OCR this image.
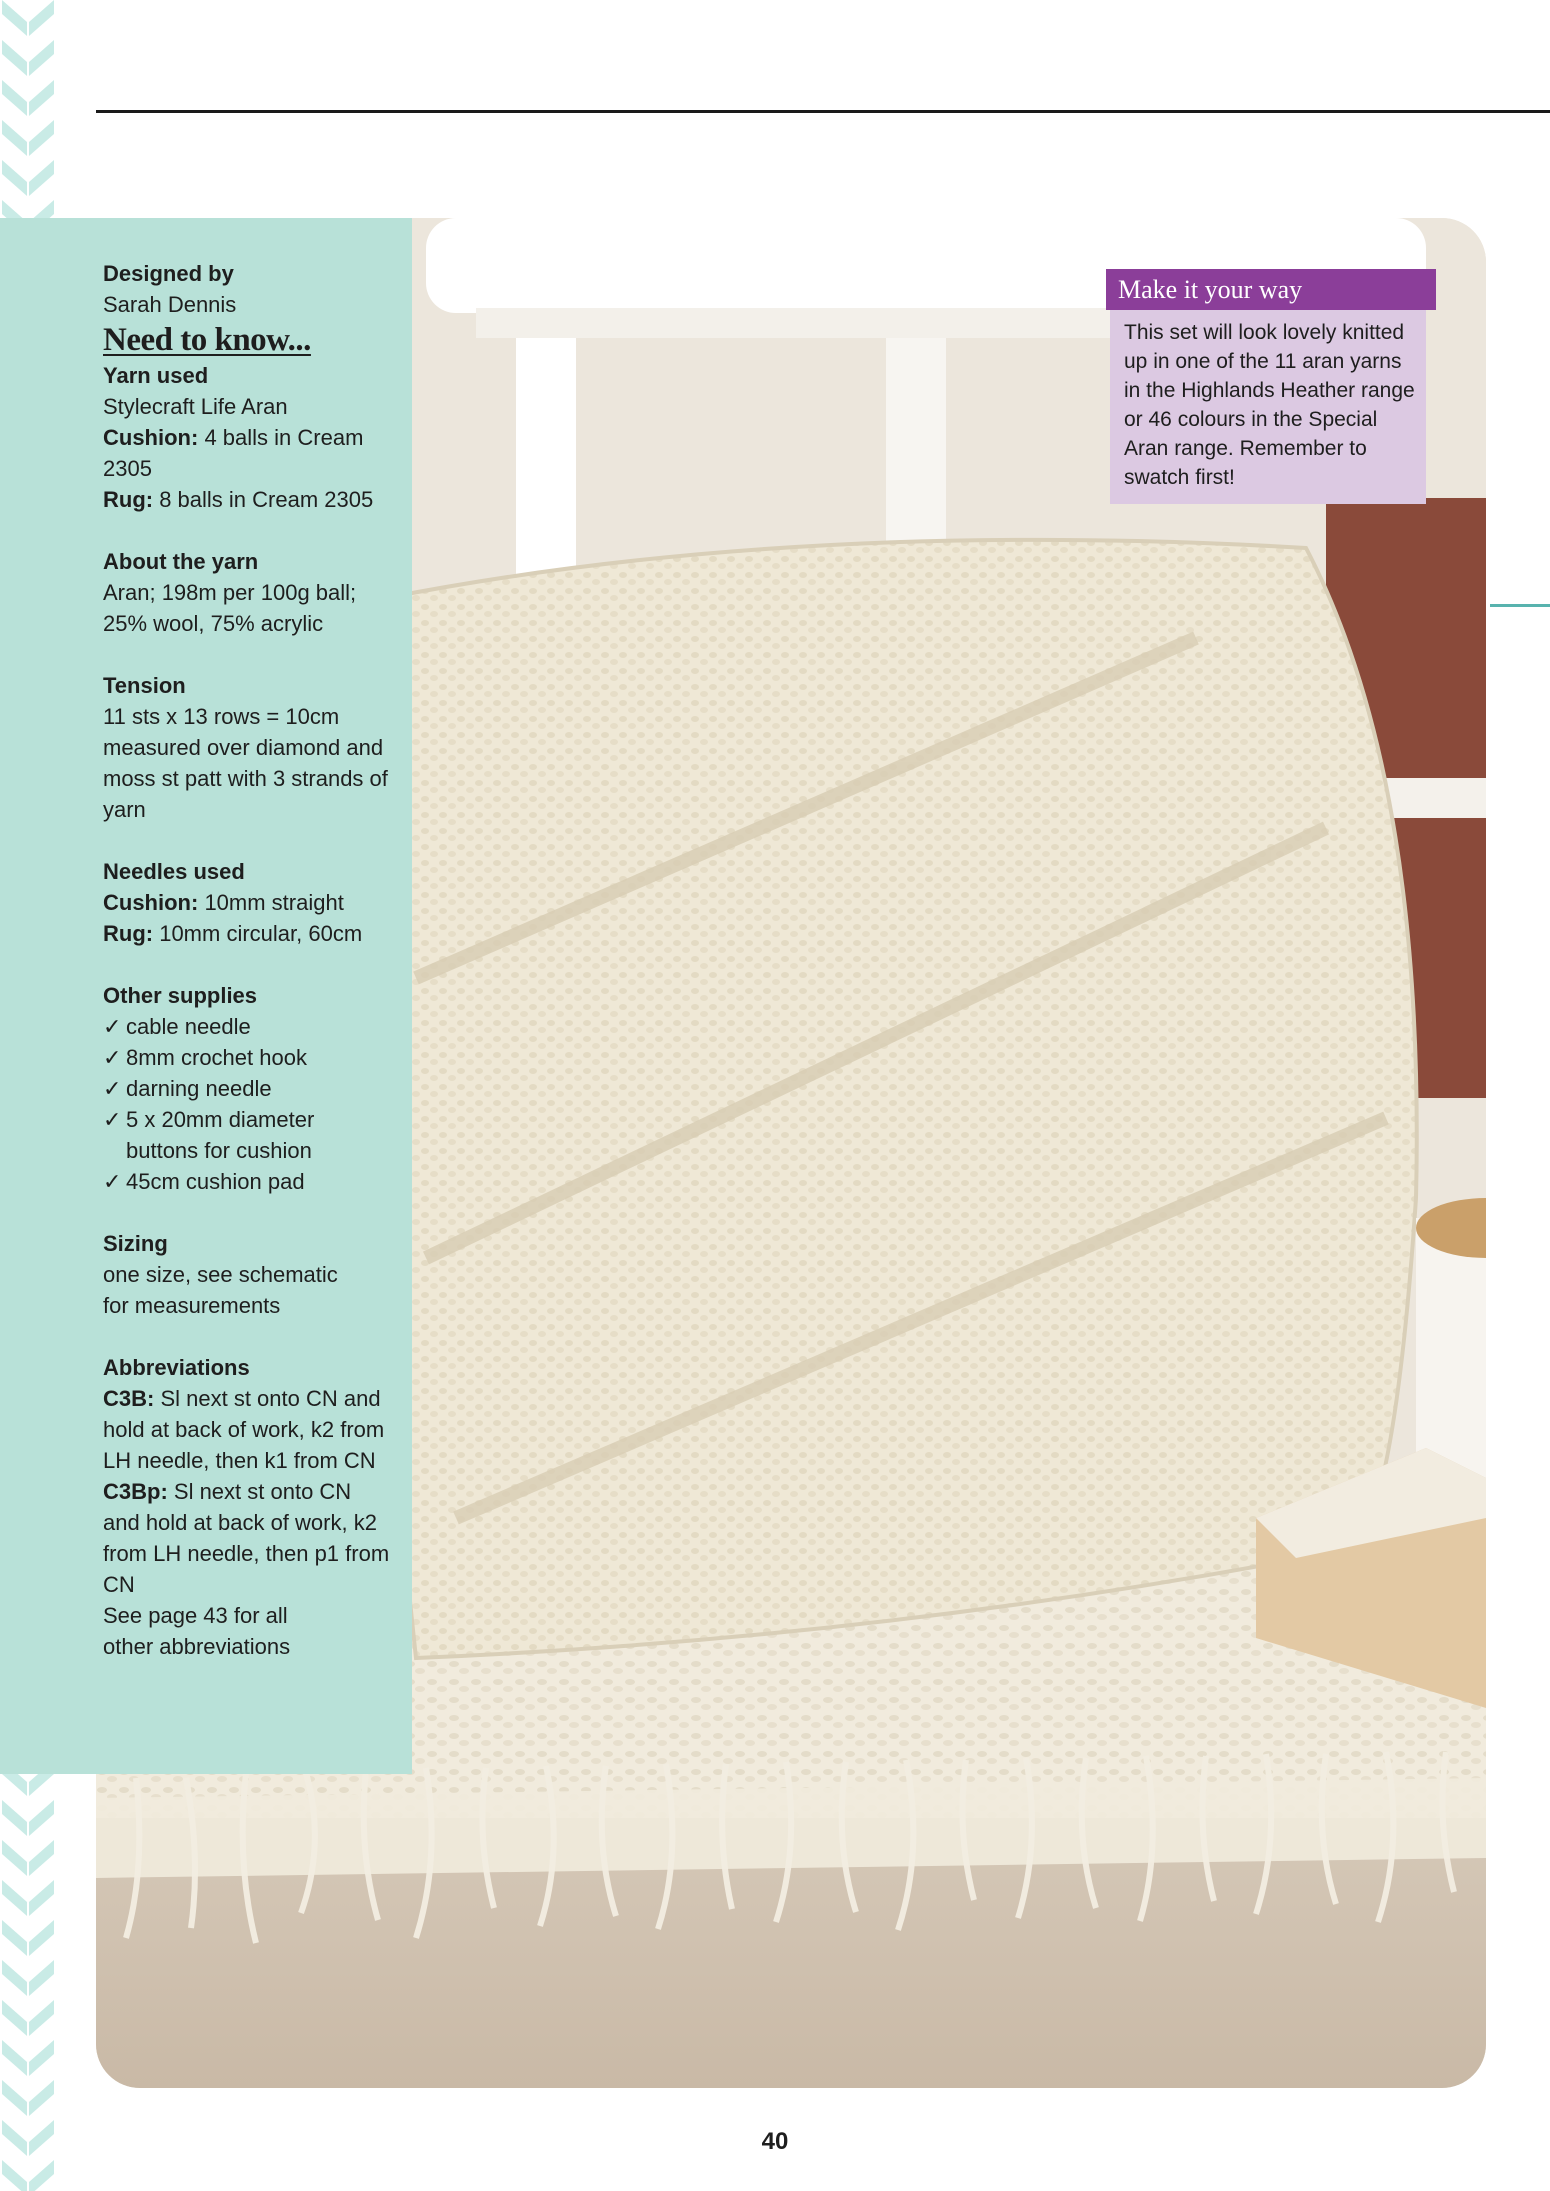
Designed by

Sarah Dennis

Need to know...

Yarn used

Stylecraft Life Aran

Cushion: 4 balls in Cream 2305

Rug: 8 balls in Cream 2305

About the yarn

Aran; 198m per 100g ball;

25% wool, 75% acrylic

Tension

11 sts x 13 rows = 10cm measured over diamond and moss st patt with 3 strands of yarn

Needles used

Cushion: 10mm straight

Rug: 10mm circular, 60cm

Other supplies

✓ cable needle

✓ 8mm crochet hook

✓ darning needle

✓ 5 x 20mm diameter buttons for cushion

✓ 45cm cushion pad

Sizing

one size, see schematic for measurements

Abbreviations

C3B: Sl next st onto CN and hold at back of work, k2 from LH needle, then k1 from CN

C3Bp: Sl next st onto CN and hold at back of work, k2 from LH needle, then p1 from CN

See page 43 for all other abbreviations

Make it your way
This set will look lovely knitted up in one of the 11 aran yarns in the Highlands Heather range or 46 colours in the Special Aran range. Remember to swatch first!
40
